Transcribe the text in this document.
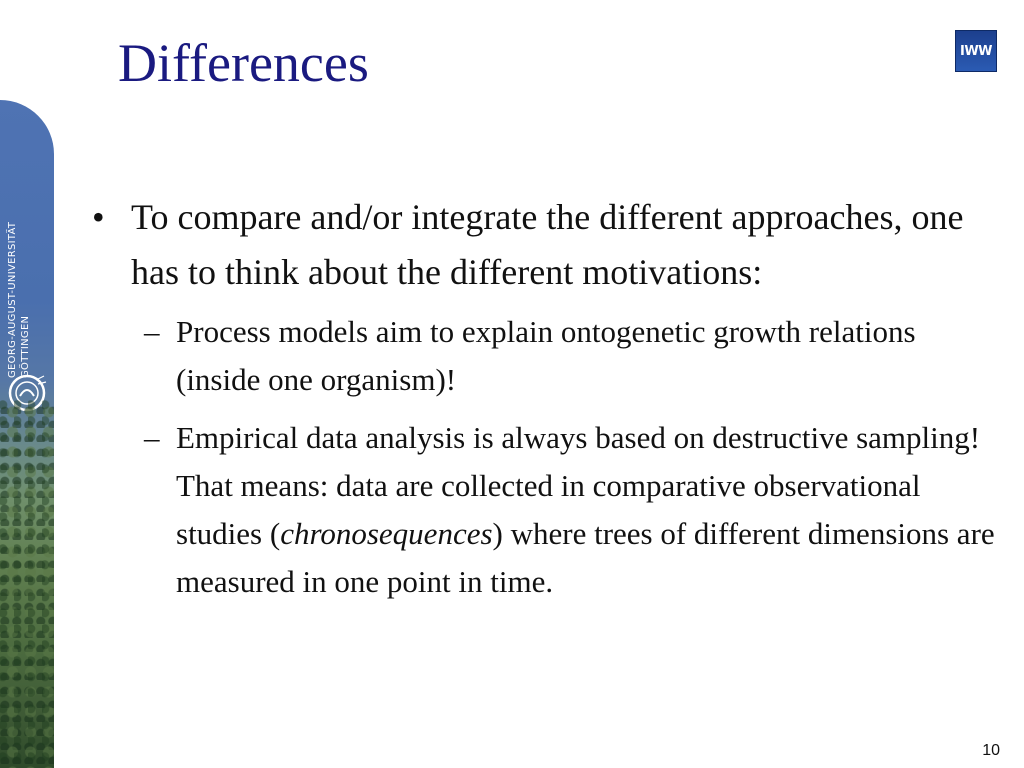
GEORG-AUGUST-UNIVERSITÄT GÖTTINGEN
IWW
Differences
• To compare and/or integrate the different approaches, one has to think about the different motivations:
– Process models aim to explain ontogenetic growth relations (inside one organism)!
– Empirical data analysis is always based on destructive sampling! That means: data are collected in comparative observational studies (chronosequences) where trees of different dimensions are measured in one point in time.
10
